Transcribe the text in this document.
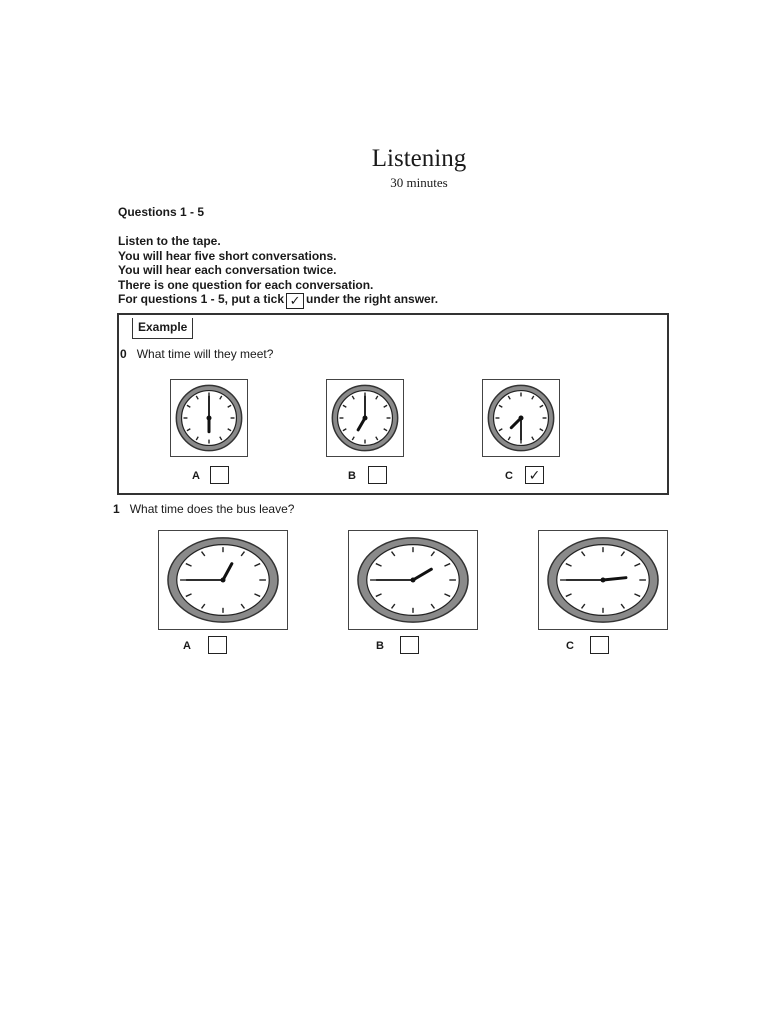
Listening
30 minutes
Questions 1 - 5
Listen to the tape.
You will hear five short conversations.
You will hear each conversation twice.
There is one question for each conversation.
For questions 1 - 5, put a tick ✓ under the right answer.
Example
0 What time will they meet?
A	B	C ✓
1 What time does the bus leave?
A	B	C
